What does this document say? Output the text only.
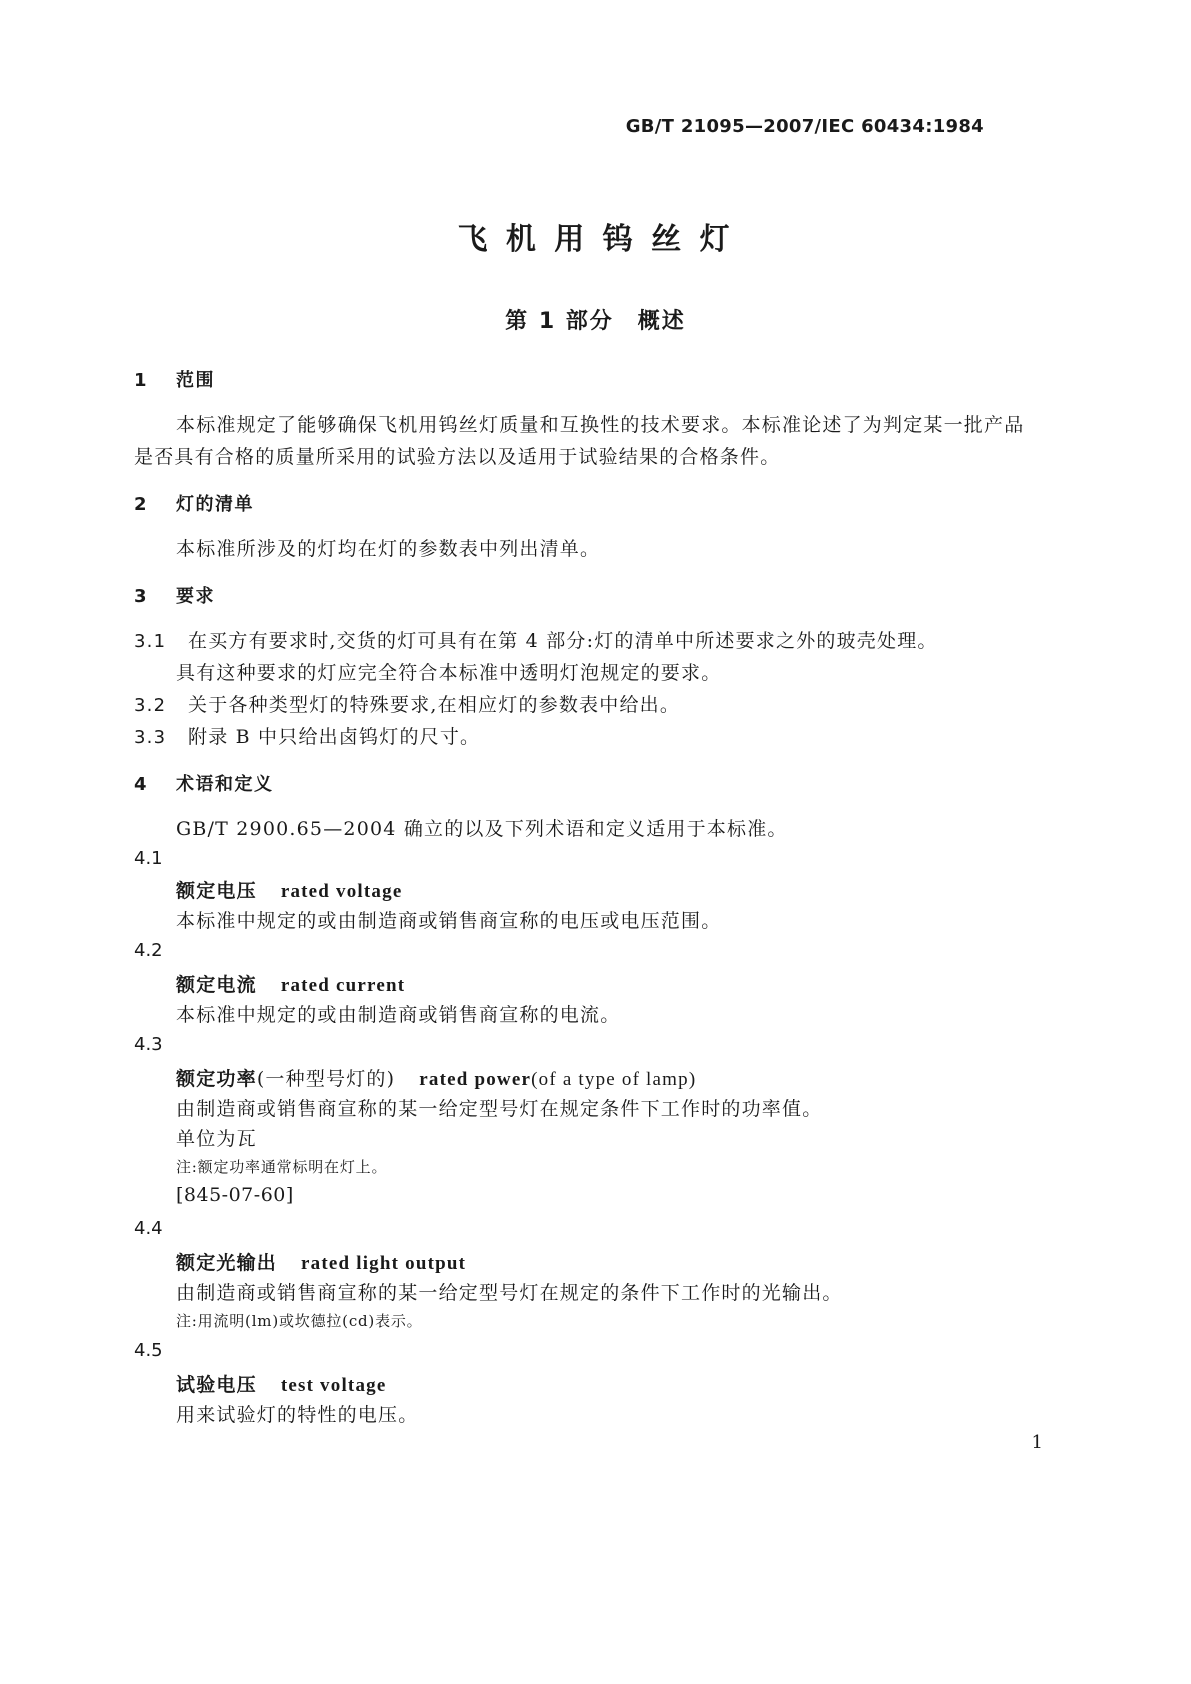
GB/T 21095—2007/IEC 60434:1984
飞 机 用 钨 丝 灯
第 1 部分　概述
1 范围
本标准规定了能够确保飞机用钨丝灯质量和互换性的技术要求。本标准论述了为判定某一批产品
是否具有合格的质量所采用的试验方法以及适用于试验结果的合格条件。
2 灯的清单
本标准所涉及的灯均在灯的参数表中列出清单。
3 要求
3.1 在买方有要求时,交货的灯可具有在第 4 部分:灯的清单中所述要求之外的玻壳处理。
具有这种要求的灯应完全符合本标准中透明灯泡规定的要求。
3.2 关于各种类型灯的特殊要求,在相应灯的参数表中给出。
3.3 附录 B 中只给出卤钨灯的尺寸。
4 术语和定义
GB/T 2900.65—2004 确立的以及下列术语和定义适用于本标准。
4.1
额定电压 rated voltage
本标准中规定的或由制造商或销售商宣称的电压或电压范围。
4.2
额定电流 rated current
本标准中规定的或由制造商或销售商宣称的电流。
4.3
额定功率(一种型号灯的) rated power(of a type of lamp)
由制造商或销售商宣称的某一给定型号灯在规定条件下工作时的功率值。
单位为瓦
注:额定功率通常标明在灯上。
[845-07-60]
4.4
额定光输出 rated light output
由制造商或销售商宣称的某一给定型号灯在规定的条件下工作时的光输出。
注:用流明(lm)或坎德拉(cd)表示。
4.5
试验电压 test voltage
用来试验灯的特性的电压。
1
